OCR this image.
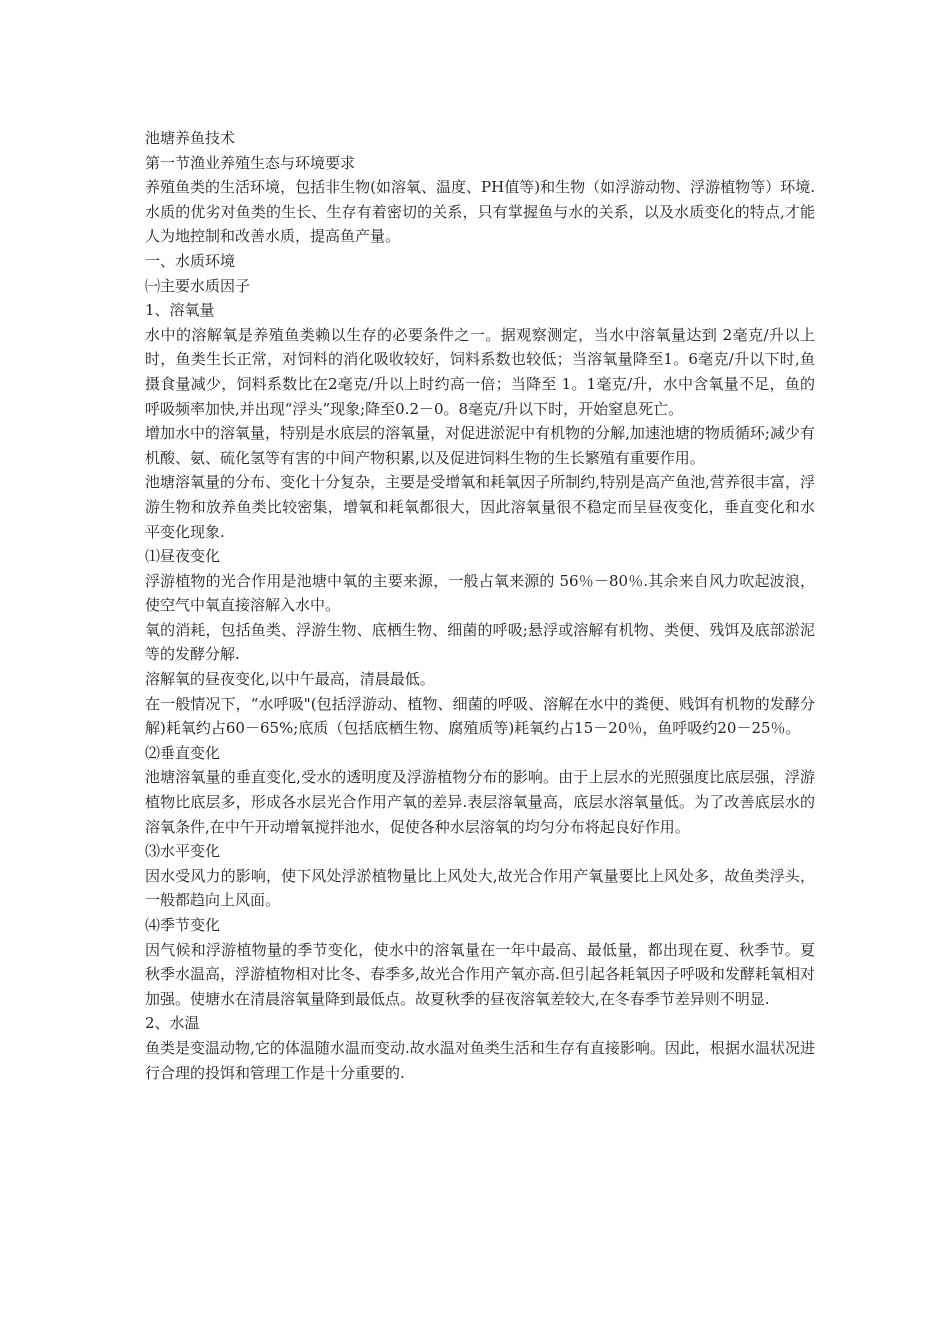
池塘养鱼技术
第一节渔业养殖生态与环境要求
养殖鱼类的生活环境，包括非生物(如溶氧、温度、PH值等)和生物（如浮游动物、浮游植物等）环境.水质的优劣对鱼类的生长、生存有着密切的关系，只有掌握鱼与水的关系，以及水质变化的特点,才能人为地控制和改善水质，提高鱼产量。
一、水质环境
㈠主要水质因子
1、溶氧量
水中的溶解氧是养殖鱼类赖以生存的必要条件之一。据观察测定，当水中溶氧量达到 2毫克/升以上时，鱼类生长正常，对饲料的消化吸收较好，饲料系数也较低；当溶氧量降至1。6毫克/升以下时,鱼摄食量减少，饲料系数比在2毫克/升以上时约高一倍；当降至 1。1毫克/升，水中含氧量不足，鱼的呼吸频率加快,并出现“浮头”现象;降至0.2－0。8毫克/升以下时，开始窒息死亡。
增加水中的溶氧量，特别是水底层的溶氧量，对促进淤泥中有机物的分解,加速池塘的物质循环;减少有机酸、氨、硫化氢等有害的中间产物积累,以及促进饲料生物的生长繁殖有重要作用。
池塘溶氧量的分布、变化十分复杂，主要是受增氧和耗氧因子所制约,特别是高产鱼池,营养很丰富，浮游生物和放养鱼类比较密集，增氧和耗氧都很大，因此溶氧量很不稳定而呈昼夜变化，垂直变化和水平变化现象.
⑴昼夜变化
浮游植物的光合作用是池塘中氧的主要来源，一般占氧来源的 56％－80％.其余来自风力吹起波浪，使空气中氧直接溶解入水中。
氧的消耗，包括鱼类、浮游生物、底栖生物、细菌的呼吸;悬浮或溶解有机物、类便、残饵及底部淤泥等的发酵分解.
溶解氧的昼夜变化,以中午最高，清晨最低。
在一般情况下，“水呼吸"(包括浮游动、植物、细菌的呼吸、溶解在水中的粪便、贱饵有机物的发酵分解)耗氧约占60－65%;底质（包括底栖生物、腐殖质等)耗氧约占15－20％，鱼呼吸约20－25％。
⑵垂直变化
池塘溶氧量的垂直变化,受水的透明度及浮游植物分布的影响。由于上层水的光照强度比底层强，浮游植物比底层多，形成各水层光合作用产氧的差异.表层溶氧量高，底层水溶氧量低。为了改善底层水的溶氧条件,在中午开动增氧搅拌池水，促使各种水层溶氧的均匀分布将起良好作用。
⑶水平变化
因水受风力的影响，使下风处浮淤植物量比上风处大,故光合作用产氧量要比上风处多，故鱼类浮头，一般都趋向上风面。
⑷季节变化
因气候和浮游植物量的季节变化，使水中的溶氧量在一年中最高、最低量，都出现在夏、秋季节。夏秋季水温高，浮游植物相对比冬、春季多,故光合作用产氧亦高.但引起各耗氧因子呼吸和发酵耗氧相对加强。使塘水在清晨溶氧量降到最低点。故夏秋季的昼夜溶氧差较大,在冬春季节差异则不明显.
2、水温
鱼类是变温动物,它的体温随水温而变动.故水温对鱼类生活和生存有直接影响。因此，根据水温状况进行合理的投饵和管理工作是十分重要的.
